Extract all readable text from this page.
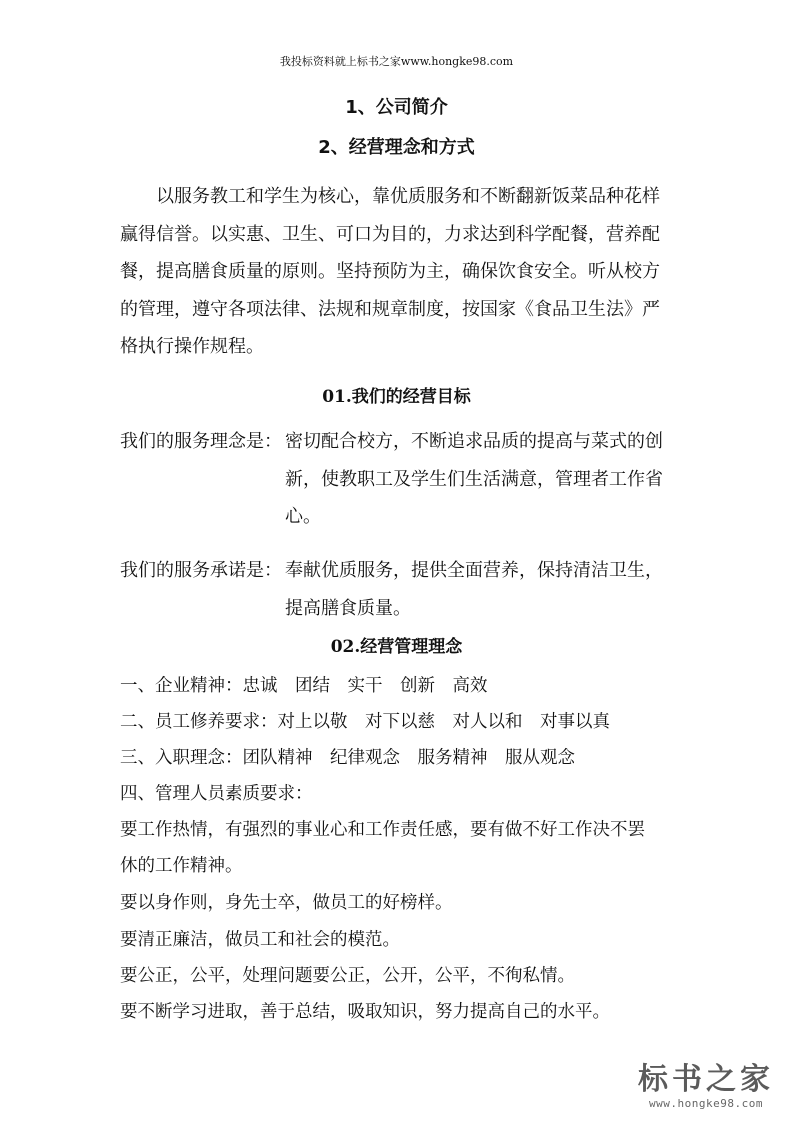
我投标资料就上标书之家www.hongke98.com
1、公司简介
2、经营理念和方式
以服务教工和学生为核心，靠优质服务和不断翻新饭菜品种花样
赢得信誉。以实惠、卫生、可口为目的，力求达到科学配餐，营养配
餐，提高膳食质量的原则。坚持预防为主，确保饮食安全。听从校方
的管理，遵守各项法律、法规和规章制度，按国家《食品卫生法》严
格执行操作规程。
01.我们的经营目标
我们的服务理念是： 密切配合校方，不断追求品质的提高与菜式的创
新，使教职工及学生们生活满意，管理者工作省
心。
我们的服务承诺是： 奉献优质服务，提供全面营养，保持清洁卫生，
提高膳食质量。
02.经营管理理念
一、企业精神：忠诚　团结　实干　创新　高效
二、员工修养要求：对上以敬　对下以慈　对人以和　对事以真
三、入职理念：团队精神　纪律观念　服务精神　服从观念
四、管理人员素质要求：
要工作热情，有强烈的事业心和工作责任感，要有做不好工作决不罢
休的工作精神。
要以身作则，身先士卒，做员工的好榜样。
要清正廉洁，做员工和社会的模范。
要公正，公平，处理问题要公正，公开，公平，不徇私情。
要不断学习进取，善于总结，吸取知识，努力提高自己的水平。
标书之家
www.hongke98.com
